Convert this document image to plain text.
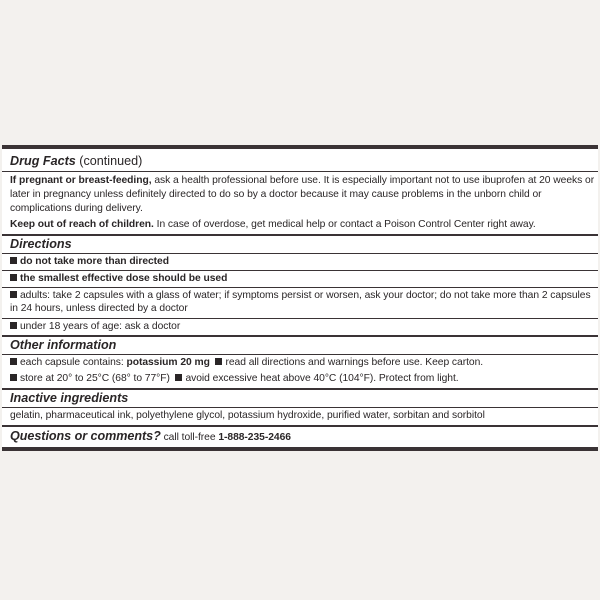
Drug Facts (continued)
If pregnant or breast-feeding, ask a health professional before use. It is especially important not to use ibuprofen at 20 weeks or
later in pregnancy unless definitely directed to do so by a doctor because it may cause problems in the unborn child or
complications during delivery.
Keep out of reach of children. In case of overdose, get medical help or contact a Poison Control Center right away.
Directions
do not take more than directed
the smallest effective dose should be used
adults: take 2 capsules with a glass of water; if symptoms persist or worsen, ask your doctor; do not take more than 2 capsules
in 24 hours, unless directed by a doctor
under 18 years of age: ask a doctor
Other information
each capsule contains: potassium 20 mg read all directions and warnings before use. Keep carton.
store at 20° to 25°C (68° to 77°F) avoid excessive heat above 40°C (104°F). Protect from light.
Inactive ingredients
gelatin, pharmaceutical ink, polyethylene glycol, potassium hydroxide, purified water, sorbitan and sorbitol
Questions or comments? call toll-free 1-888-235-2466
